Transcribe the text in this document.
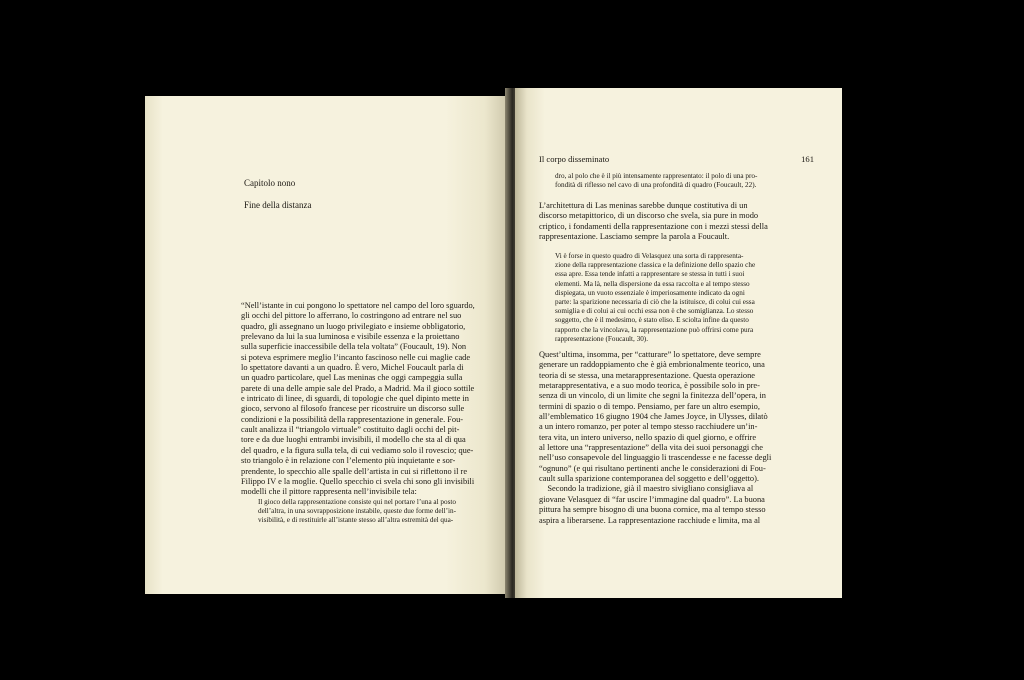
Capitolo nono
Fine della distanza
“Nell’istante in cui pongono lo spettatore nel campo del loro sguardo,
gli occhi del pittore lo afferrano, lo costringono ad entrare nel suo
quadro, gli assegnano un luogo privilegiato e insieme obbligatorio,
prelevano da lui la sua luminosa e visibile essenza e la proiettano
sulla superficie inaccessibile della tela voltata” (Foucault, 19). Non
si poteva esprimere meglio l’incanto fascinoso nelle cui maglie cade
lo spettatore davanti a un quadro. È vero, Michel Foucault parla di
un quadro particolare, quel Las meninas che oggi campeggia sulla
parete di una delle ampie sale del Prado, a Madrid. Ma il gioco sottile
e intricato di linee, di sguardi, di topologie che quel dipinto mette in
gioco, servono al filosofo francese per ricostruire un discorso sulle
condizioni e la possibilità della rappresentazione in generale. Fou-
cault analizza il “triangolo virtuale” costituito dagli occhi del pit-
tore e da due luoghi entrambi invisibili, il modello che sta al di qua
del quadro, e la figura sulla tela, di cui vediamo solo il rovescio; que-
sto triangolo è in relazione con l’elemento più inquietante e sor-
prendente, lo specchio alle spalle dell’artista in cui si riflettono il re
Filippo IV e la moglie. Quello specchio ci svela chi sono gli invisibili
modelli che il pittore rappresenta nell’invisibile tela:
Il gioco della rappresentazione consiste qui nel portare l’una al posto
dell’altra, in una sovrapposizione instabile, queste due forme dell’in-
visibilità, e di restituirle all’istante stesso all’altra estremità del qua-
Il corpo disseminato	161
dro, al polo che è il più intensamente rappresentato: il polo di una pro-
fondità di riflesso nel cavo di una profondità di quadro (Foucault, 22).
L’architettura di Las meninas sarebbe dunque costitutiva di un
discorso metapittorico, di un discorso che svela, sia pure in modo
criptico, i fondamenti della rappresentazione con i mezzi stessi della
rappresentazione. Lasciamo sempre la parola a Foucault.
Vi è forse in questo quadro di Velasquez una sorta di rappresenta-
zione della rappresentazione classica e la definizione dello spazio che
essa apre. Essa tende infatti a rappresentare se stessa in tutti i suoi
elementi. Ma là, nella dispersione da essa raccolta e al tempo stesso
dispiegata, un vuoto essenziale è imperiosamente indicato da ogni
parte: la sparizione necessaria di ciò che la istituisce, di colui cui essa
somiglia e di colui ai cui occhi essa non è che somiglianza. Lo stesso
soggetto, che è il medesimo, è stato eliso. E sciolta infine da questo
rapporto che la vincolava, la rappresentazione può offrirsi come pura
rappresentazione (Foucault, 30).
Quest’ultima, insomma, per “catturare” lo spettatore, deve sempre
generare un raddoppiamento che è già embrionalmente teorico, una
teoria di se stessa, una metarappresentazione. Questa operazione
metarappresentativa, e a suo modo teorica, è possibile solo in pre-
senza di un vincolo, di un limite che segni la finitezza dell’opera, in
termini di spazio o di tempo. Pensiamo, per fare un altro esempio,
all’emblematico 16 giugno 1904 che James Joyce, in Ulysses, dilatò
a un intero romanzo, per poter al tempo stesso racchiudere un’in-
tera vita, un intero universo, nello spazio di quel giorno, e offrire
al lettore una “rappresentazione” della vita dei suoi personaggi che
nell’uso consapevole del linguaggio li trascendesse e ne facesse degli
“ognuno” (e qui risultano pertinenti anche le considerazioni di Fou-
cault sulla sparizione contemporanea del soggetto e dell’oggetto).
Secondo la tradizione, già il maestro sivigliano consigliava al
giovane Velasquez di “far uscire l’immagine dal quadro”. La buona
pittura ha sempre bisogno di una buona cornice, ma al tempo stesso
aspira a liberarsene. La rappresentazione racchiude e limita, ma al
